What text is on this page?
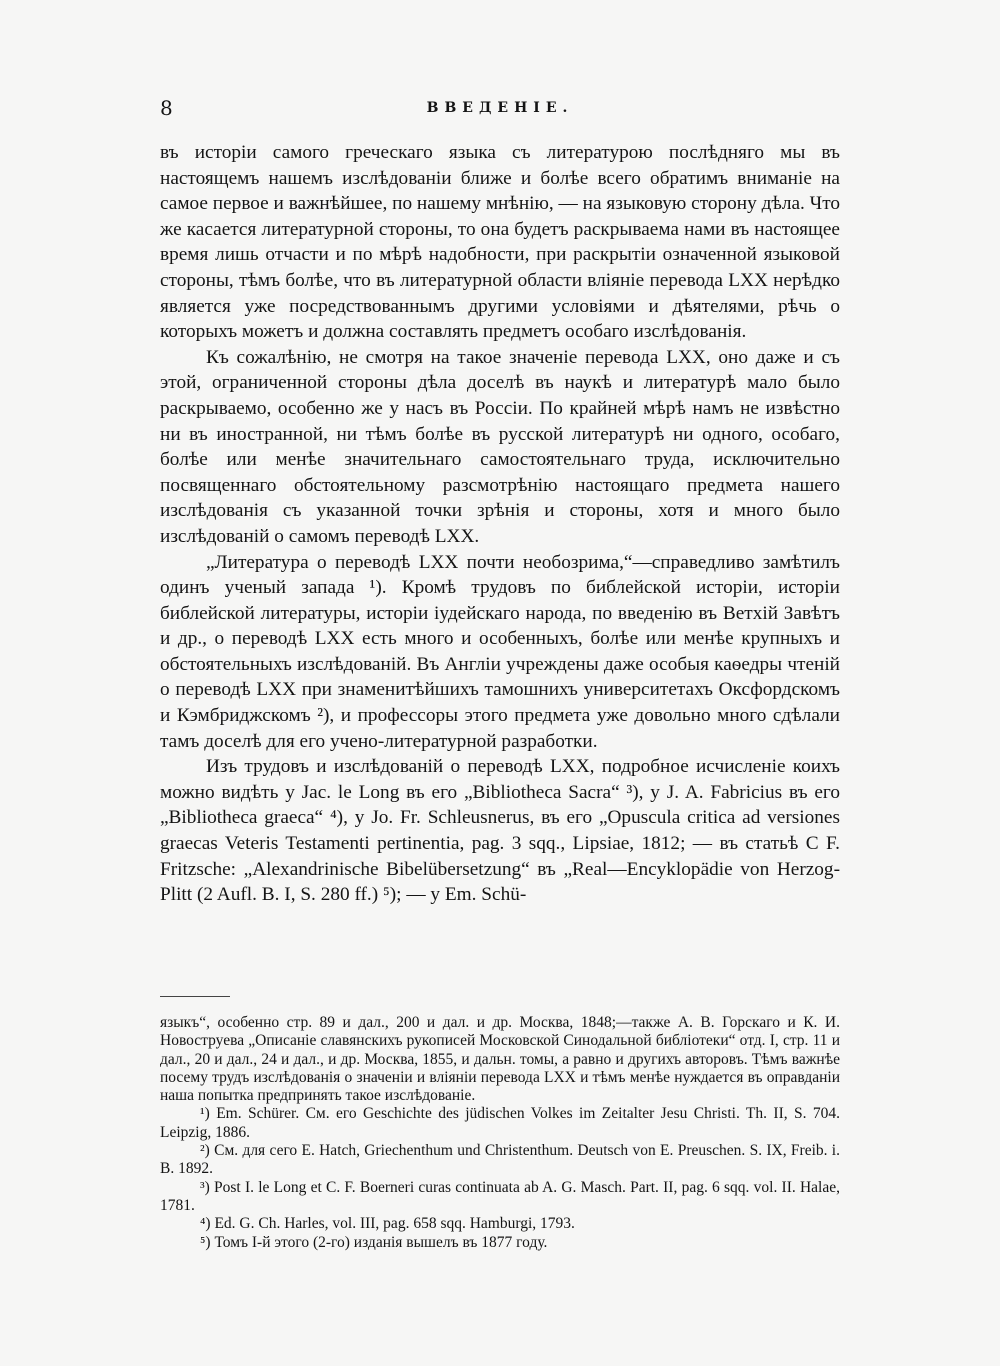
8	ВВЕДЕНІЕ.

въ исторіи самого греческаго языка съ литературою послѣдняго мы въ настоящемъ нашемъ изслѣдованіи ближе и болѣе всего обратимъ вниманіе на самое первое и важнѣйшее, по нашему мнѣнію, — на языковую сторону дѣла. Что же касается литературной стороны, то она будетъ раскрываема нами въ настоящее время лишь отчасти и по мѣрѣ надобности, при раскрытіи означенной языковой стороны, тѣмъ болѣе, что въ литературной области вліяніе перевода LXX нерѣдко является уже посредствованнымъ другими условіями и дѣятелями, рѣчь о которыхъ можетъ и должна составлять предметъ особаго изслѣдованія.

Къ сожалѣнію, не смотря на такое значеніе перевода LXX, оно даже и съ этой, ограниченной стороны дѣла доселѣ въ наукѣ и литературѣ мало было раскрываемо, особенно же у насъ въ Россіи. По крайней мѣрѣ намъ не извѣстно ни въ иностранной, ни тѣмъ болѣе въ русской литературѣ ни одного, особаго, болѣе или менѣе значительнаго самостоятельнаго труда, исключительно посвященнаго обстоятельному разсмотрѣнію настоящаго предмета нашего изслѣдованія съ указанной точки зрѣнія и стороны, хотя и много было изслѣдованій о самомъ переводѣ LXX.

„Литература о переводѣ LXX почти необозрима,“—справедливо замѣтилъ одинъ ученый запада ¹). Кромѣ трудовъ по библейской исторіи, исторіи библейской литературы, исторіи іудейскаго народа, по введенію въ Ветхій Завѣтъ и др., о переводѣ LXX есть много и особенныхъ, болѣе или менѣе крупныхъ и обстоятельныхъ изслѣдованій. Въ Англіи учреждены даже особыя каѳедры чтеній о переводѣ LXX при знаменитѣйшихъ тамошнихъ университетахъ Оксфордскомъ и Кэмбриджскомъ ²), и профессоры этого предмета уже довольно много сдѣлали тамъ доселѣ для его учено-литературной разработки.

Изъ трудовъ и изслѣдованій о переводѣ LXX, подробное исчисленіе коихъ можно видѣть у Jac. le Long въ его „Bibliotheca Sacra“ ³), у J. A. Fabricius въ его „Bibliotheca graeca“ ⁴), у Jo. Fr. Schleusnerus, въ его „Opuscula critica ad versiones graecas Veteris Testamenti pertinentia, pag. 3 sqq., Lipsiae, 1812; — въ статьѣ C F. Fritzsche: „Alexandrinische Bibelübersetzung“ въ „Real—Encyklopädie von Herzog-Plitt (2 Aufl. B. I, S. 280 ff.) ⁵); — у Em. Schü-

языкъ“, особенно стр. 89 и дал., 200 и дал. и др. Москва, 1848;—также А. В. Горскаго и К. И. Новоструева „Описаніе славянскихъ рукописей Московской Синодальной библіотеки“ отд. I, стр. 11 и дал., 20 и дал., 24 и дал., и др. Москва, 1855, и дальн. томы, а равно и другихъ авторовъ. Тѣмъ важнѣе посему трудъ изслѣдованія о значеніи и вліяніи перевода LXX и тѣмъ менѣе нуждается въ оправданіи наша попытка предпринять такое изслѣдованіе.

¹) Em. Schürer. См. его Geschichte des jüdischen Volkes im Zeitalter Jesu Christi. Th. II, S. 704. Leipzig, 1886.

²) См. для сего E. Hatch, Griechenthum und Christenthum. Deutsch von E. Preuschen. S. IX, Freib. i. B. 1892.

³) Post I. le Long et C. F. Boerneri curas continuata ab A. G. Masch. Part. II, pag. 6 sqq. vol. II. Halae, 1781.

⁴) Ed. G. Ch. Harles, vol. III, pag. 658 sqq. Hamburgi, 1793.

⁵) Томъ I-й этого (2-го) изданія вышелъ въ 1877 году.
